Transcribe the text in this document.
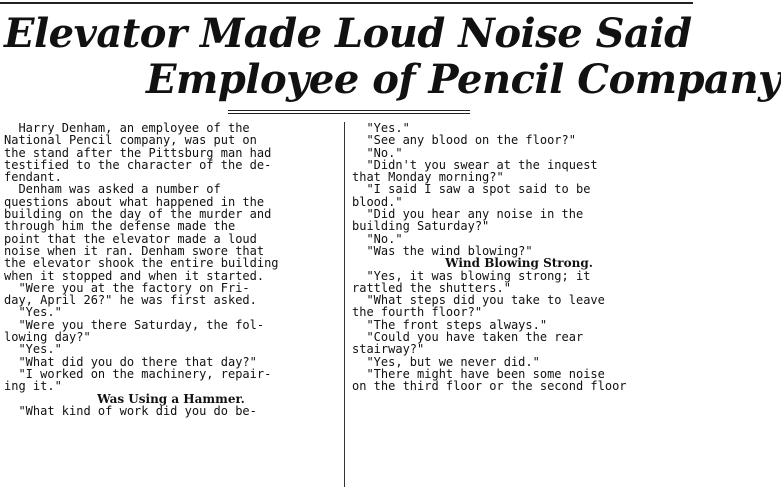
Elevator Made Loud Noise Said
Employee of Pencil Company
Harry Denham, an employee of the
National Pencil company, was put on
the stand after the Pittsburg man had
testified to the character of the de-
fendant.
Denham was asked a number of
questions about what happened in the
building on the day of the murder and
through him the defense made the
point that the elevator made a loud
noise when it ran. Denham swore that
the elevator shook the entire building
when it stopped and when it started.
"Were you at the factory on Fri-
day, April 26?" he was first asked.
"Yes."
"Were you there Saturday, the fol-
lowing day?"
"Yes."
"What did you do there that day?"
"I worked on the machinery, repair-
ing it."
Was Using a Hammer.
"What kind of work did you do be-
"Yes."
"See any blood on the floor?"
"No."
"Didn't you swear at the inquest
that Monday morning?"
"I said I saw a spot said to be
blood."
"Did you hear any noise in the
building Saturday?"
"No."
"Was the wind blowing?"
Wind Blowing Strong.
"Yes, it was blowing strong; it
rattled the shutters."
"What steps did you take to leave
the fourth floor?"
"The front steps always."
"Could you have taken the rear
stairway?"
"Yes, but we never did."
"There might have been some noise
on the third floor or the second floor
